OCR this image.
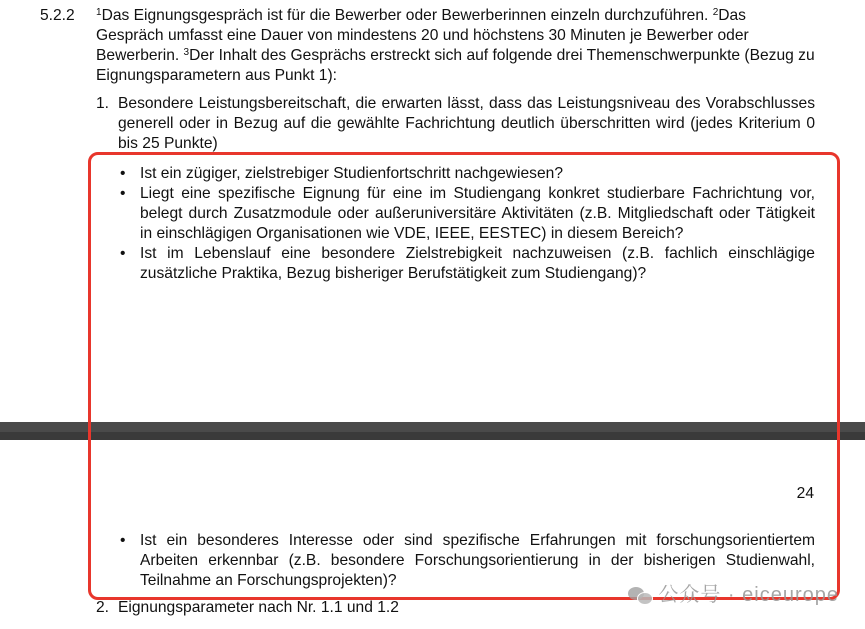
5.2.2 $^1$Das Eignungsgespräch ist für die Bewerber oder Bewerberinnen einzeln durchzuführen. $^2$Das Gespräch umfasst eine Dauer von mindestens 20 und höchstens 30 Minuten je Bewerber oder Bewerberin. $^3$Der Inhalt des Gesprächs erstreckt sich auf folgende drei Themenschwerpunkte (Bezug zu Eignungsparametern aus Punkt 1):
1. Besondere Leistungsbereitschaft, die erwarten lässt, dass das Leistungsniveau des Vorabschlusses generell oder in Bezug auf die gewählte Fachrichtung deutlich überschritten wird (jedes Kriterium 0 bis 25 Punkte)
• Ist ein zügiger, zielstrebiger Studienfortschritt nachgewiesen?
• Liegt eine spezifische Eignung für eine im Studiengang konkret studierbare Fachrichtung vor, belegt durch Zusatzmodule oder außeruniversitäre Aktivitäten (z.B. Mitgliedschaft oder Tätigkeit in einschlägigen Organisationen wie VDE, IEEE, EESTEC) in diesem Bereich?
• Ist im Lebenslauf eine besondere Zielstrebigkeit nachzuweisen (z.B. fachlich einschlägige zusätzliche Praktika, Bezug bisheriger Berufstätigkeit zum Studiengang)?
24
• Ist ein besonderes Interesse oder sind spezifische Erfahrungen mit forschungsorientiertem Arbeiten erkennbar (z.B. besondere Forschungsorientierung in der bisherigen Studienwahl, Teilnahme an Forschungsprojekten)?
2. Eignungsparameter nach Nr. 1.1 und 1.2
公众号 · eiceurope
